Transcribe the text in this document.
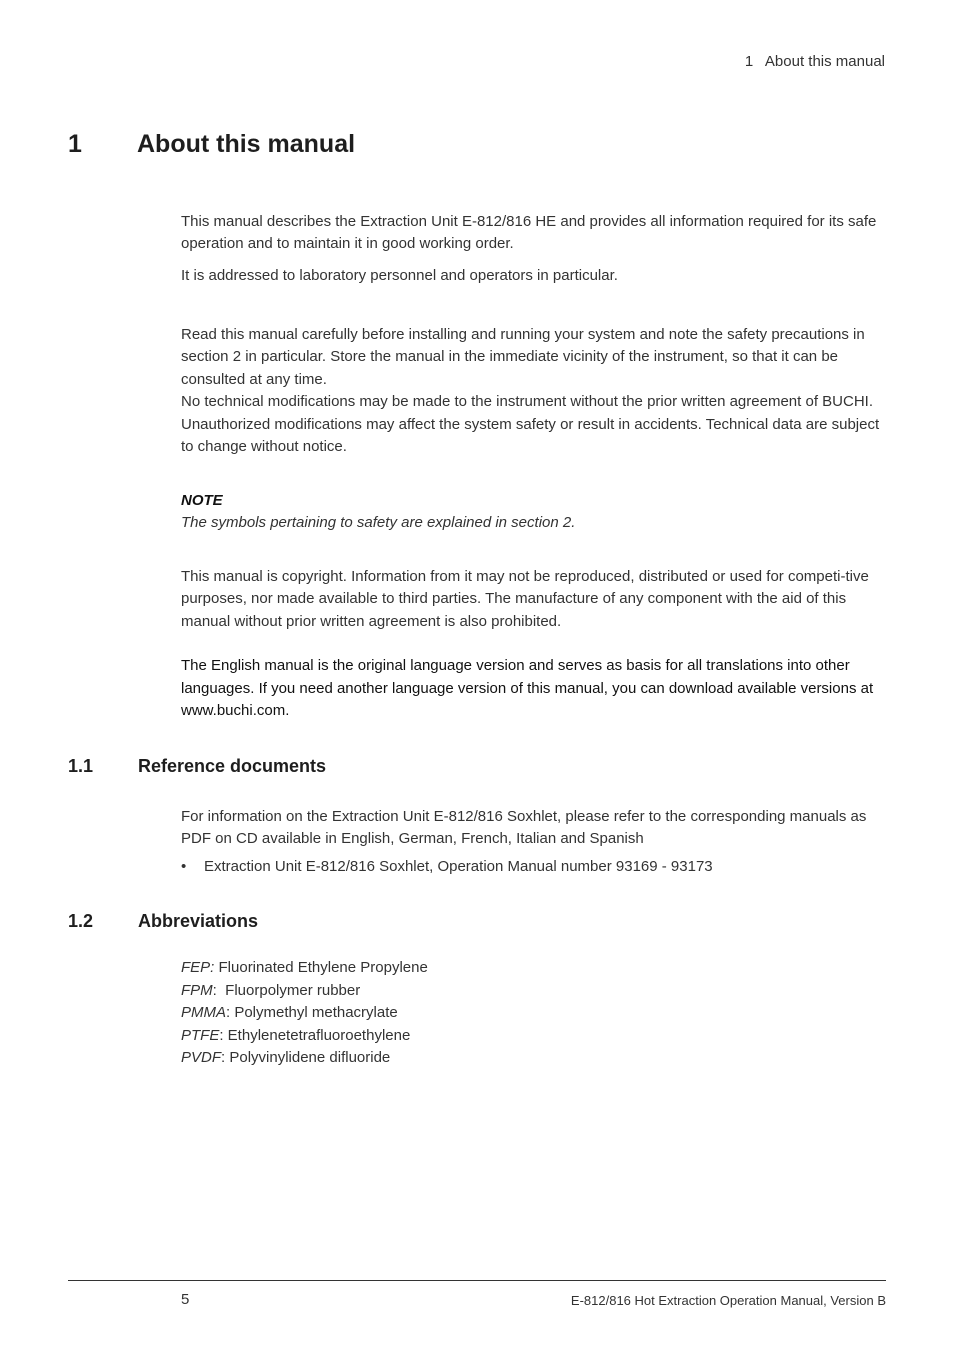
1   About this manual
1 About this manual

This manual describes the Extraction Unit E-812/816 HE and provides all information required for its safe operation and to maintain it in good working order.

It is addressed to laboratory personnel and operators in particular.

Read this manual carefully before installing and running your system and note the safety precautions in section 2 in particular. Store the manual in the immediate vicinity of the instrument, so that it can be consulted at any time.

No technical modifications may be made to the instrument without the prior written agreement of BUCHI. Unauthorized modifications may affect the system safety or result in accidents. Technical data are subject to change without notice.

NOTE

The symbols pertaining to safety are explained in section 2.

This manual is copyright. Information from it may not be reproduced, distributed or used for competi-tive purposes, nor made available to third parties. The manufacture of any component with the aid of this manual without prior written agreement is also prohibited.

The English manual is the original language version and serves as basis for all translations into other languages. If you need another language version of this manual, you can download available versions at www.buchi.com.

1.1 Reference documents

For information on the Extraction Unit E-812/816 Soxhlet, please refer to the corresponding manuals as PDF on CD available in English, German, French, Italian and Spanish

•	Extraction Unit E-812/816 Soxhlet, Operation Manual number 93169 - 93173
1.2 Abbreviations
FEP: Fluorinated Ethylene Propylene
FPM:  Fluorpolymer rubber
PMMA: Polymethyl methacrylate
PTFE: Ethylenetetrafluoroethylene
PVDF: Polyvinylidene difluoride
5	E-812/816 Hot Extraction Operation Manual, Version B
